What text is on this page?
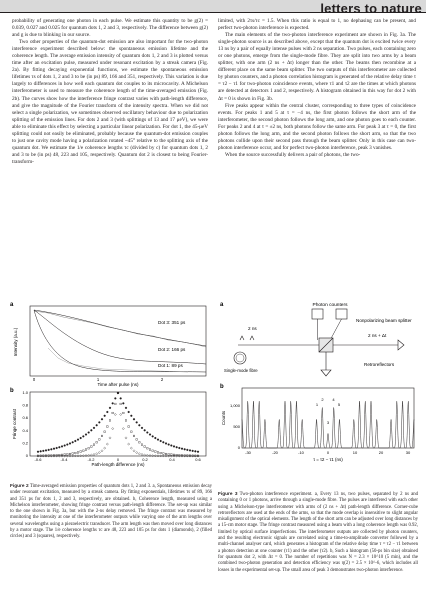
letters to nature

probability of generating one photon in each pulse. We estimate this quantity to be g(2) = 0.039, 0.027 and 0.025 for quantum dots 1, 2 and 3, respectively. The difference between g(2) and g is due to blinking in our source.

Two other properties of the quantum-dot emission are also important for the two-photon interference experiment described below: the spontaneous emission lifetime and the coherence length. The average emission intensity of quantum dots 1, 2 and 3 is plotted versus time after an excitation pulse, measured under resonant excitation by a streak camera (Fig. 2a). By fitting decaying exponential functions, we estimate the spontaneous emission lifetimes τs of dots 1, 2 and 3 to be (in ps) 89, 166 and 351, respectively. This variation is due largely to differences in how well each quantum dot couples to its microcavity. A Michelson interferometer is used to measure the coherence length of the time-averaged emission (Fig. 2b). The curves show how the interference fringe contrast varies with path-length difference, and give the magnitude of the Fourier transform of the intensity spectra. When we did not select a single polarization, we sometimes observed oscillatory behaviour due to polarization splitting of the emission lines. For dots 2 and 3 (with splittings of 13 and 17 μeV), we were able to eliminate this effect by selecting a particular linear polarization. For dot 1, the 45-μeV splitting could not easily be eliminated, probably because the quantum-dot emission couples to just one cavity mode having a polarization rotated ~45° relative to the splitting axis of the quantum dot. We estimate the 1/e coherence lengths τc (divided by c) for quantum dots 1, 2 and 3 to be (in ps) 48, 223 and 105, respectively. Quantum dot 2 is closest to being Fourier-transform-

limited, with 2τs/τc = 1.5. When this ratio is equal to 1, no dephasing can be present, and perfect two-photon interference is expected.

The main elements of the two-photon interference experiment are shown in Fig. 3a. The single-photon source is as described above, except that the quantum dot is excited twice every 13 ns by a pair of equally intense pulses with 2 ns separation. Two pulses, each containing zero or one photons, emerge from the single-mode fibre. They are split into two arms by a beam splitter, with one arm (2 ns + Δt) longer than the other. The beams then recombine at a different place on the same beam splitter. The two outputs of this interferometer are collected by photon counters, and a photon correlation histogram is generated of the relative delay time τ = τ2 − τ1 for two-photon coincidence events, where τ1 and τ2 are the times at which photons are detected at detectors 1 and 2, respectively. A histogram obtained in this way for dot 2 with Δt = 0 is shown in Fig. 3b.

Five peaks appear within the central cluster, corresponding to three types of coincidence events. For peaks 1 and 5 at τ = −4 ns, the first photon follows the short arm of the interferometer, the second photon follows the long arm, and one photon goes to each counter. For peaks 2 and 4 at τ = ±2 ns, both photons follow the same arm. For peak 3 at τ = 0, the first photon follows the long arm, and the second photon follows the short arm, so that the two photons collide upon their second pass through the beam splitter. Only in this case can two-photon interference occur, and for perfect two-photon interference, peak 3 vanishes.

When the source successfully delivers a pair of photons, the two-

a
Intensity (a.u.)
Time after pulse (ns)
0	1	2
Dot 3: 351 ps
Dot 2: 166 ps
Dot 1: 89 ps
b
Fringe contrast
Path-length difference (ns)
0
0.2
0.4
0.6
0.8
1.0
-0.6	-0.4	-0.2	0	0.2	0.4	0.6
a	Photon counters
Nonpolarizing beam splitter
2 ns
Single-mode fibre
2 ns + Δt
Retroreflectors
b
Counts
0
500
1,000
-30	-20	-10	0	10	20	30
τ = τ2 − τ1 (ns)
1
2
3
4
5
Figure 2 Time-averaged emission properties of quantum dots 1, 2 and 3. a, Spontaneous emission decay under resonant excitation, measured by a streak camera. By fitting exponentials, lifetimes τs of 89, 166 and 351 ps for dots 1, 2 and 3, respectively, are obtained. b, Coherence length, measured using a Michelson interferometer, showing fringe contrast versus path-length difference. The set-up was similar to the one shown in Fig. 3a, but with the 2-ns delay removed. The fringe contrast was measured by monitoring the intensity at one of the interferometer outputs while varying one of the arm lengths over several wavelengths using a piezoelectric transducer. The arm length was then moved over long distances by a motor stage. The 1/e coherence lengths τc are 48, 223 and 105 ps for dots 1 (diamonds), 2 (filled circles) and 3 (squares), respectively.
Figure 3 Two-photon interference experiment. a, Every 13 ns, two pulses, separated by 2 ns and containing 0 or 1 photons, arrive through a single-mode fibre. The pulses are interfered with each other using a Michelson-type interferometer with arms of (2 ns + Δt) path-length difference. Corner-cube retroreflectors are used at the ends of the arms, so that the mode overlap is insensitive to slight angular misalignment of the optical elements. The length of the short arm can be adjusted over long distances by a 15-cm motor stage. The fringe contrast measured using a beam with a long coherence length was 0.92, limited by optical surface imperfections. The interferometer outputs are collected by photon counters, and the resulting electronic signals are correlated using a time-to-amplitude converter followed by a multi-channel analyser card, which generates a histogram of the relative delay time τ = τ2 − τ1 between a photon detection at one counter (τ1) and the other (τ2). b, Such a histogram (50-ps bin size) obtained for quantum dot 2, with Δt = 0. The number of repetitions was N = 2.3 × 10^10 (5 min), and the combined two-photon generation and detection efficiency was η(2) = 2.5 × 10^-6, which includes all losses in the experimental set-up. The small area of peak 3 demonstrates two-photon interference.
